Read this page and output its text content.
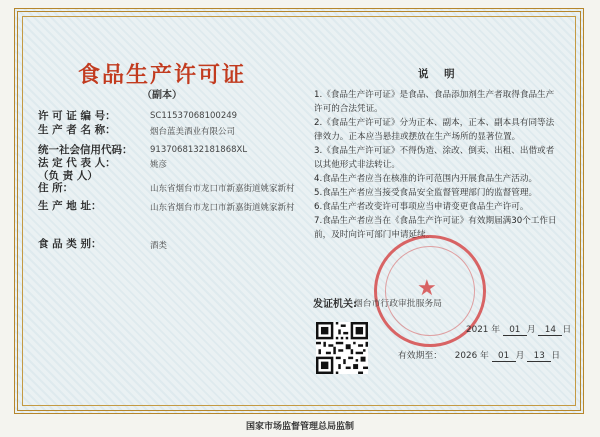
食品生产许可证
（副本）
许 可 证 编 号：	SC11537068100249
生 产 者 名 称：	烟台蓝美酒业有限公司
统一社会信用代码： 91370681321818​68XL
法 定 代 表 人：
（负 责 人）
姚彦
住 所：	山东省烟台市龙口市新嘉街道姚家新村
生 产 地 址：	山东省烟台市龙口市新嘉街道姚家新村
食 品 类 别：	酒类
说 明
1.《食品生产许可证》是食品、食品添加剂生产者取得食品生产许可的合法凭证。
2.《食品生产许可证》分为正本、副本，正本、副本具有同等法律效力。正本应当悬挂或摆放在生产场所的显著位置。
3.《食品生产许可证》不得伪造、涂改、倒卖、出租、出借或者以其他形式非法转让。
4.食品生产者应当在核准的许可范围内开展食品生产活动。
5.食品生产者应当接受食品安全监督管理部门的监督管理。
6.食品生产者改变许可事项应当申请变更食品生产许可。
7.食品生产者应当在《食品生产许可证》有效期届满30个工作日前，及时向许可部门申请延续。
★
发证机关:
烟台市行政审批服务局
2021 年 01 月 14 日
有效期至： 2026 年 01 月 13 日
国家市场监督管理总局监制
